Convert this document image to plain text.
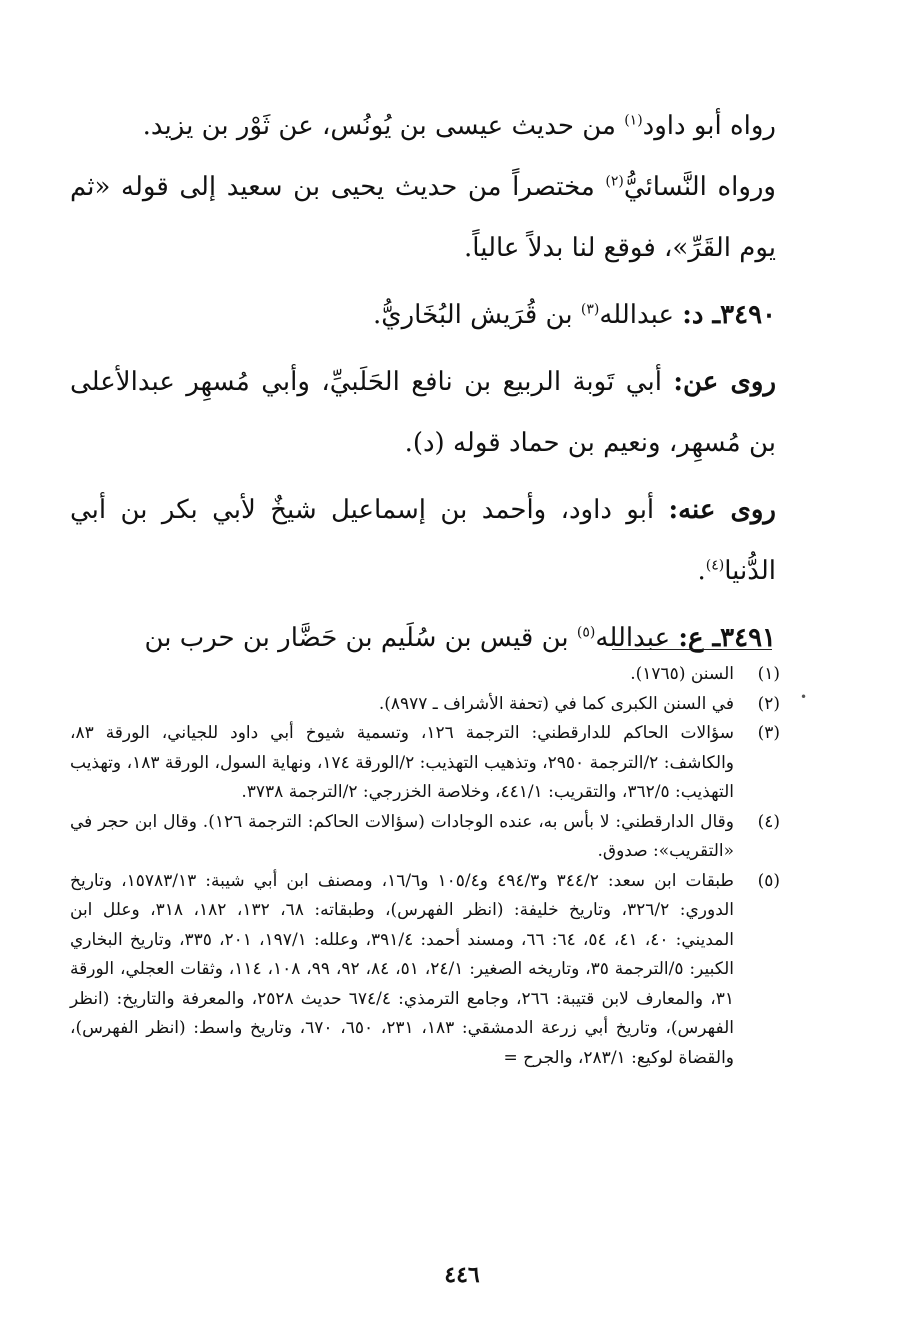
رواه أبو داود$^{(١)}$ من حديث عيسى بن يُونُس، عن ثَوْر بن يزيد.

ورواه النَّسائيُّ$^{(٢)}$ مختصراً من حديث يحيى بن سعيد إلى قوله «ثم يوم القَرِّ»، فوقع لنا بدلاً عالياً.

٣٤٩٠ـ د: عبدالله$^{(٣)}$ بن قُرَيش البُخَاريُّ.

روى عن: أبي تَوبة الربيع بن نافع الحَلَبيِّ، وأبي مُسهِر عبدالأعلى بن مُسهِر، ونعيم بن حماد قوله (د).

روى عنه: أبو داود، وأحمد بن إسماعيل شيخٌ لأبي بكر بن أبي الدُّنيا$^{(٤)}$.

٣٤٩١ـ ع: عبدالله$^{(٥)}$ بن قيس بن سُلَيم بن حَضَّار بن حرب بن

•
(١)
السنن (١٧٦٥).
(٢)
في السنن الكبرى كما في (تحفة الأشراف ـ ٨٩٧٧).
(٣)
سؤالات الحاكم للدارقطني: الترجمة ١٢٦، وتسمية شيوخ أبي داود للجياني، الورقة ٨٣، والكاشف: ٢/الترجمة ٢٩٥٠، وتذهيب التهذيب: ٢/الورقة ١٧٤، ونهاية السول، الورقة ١٨٣، وتهذيب التهذيب: ٣٦٢/٥، والتقريب: ٤٤١/١، وخلاصة الخزرجي: ٢/الترجمة ٣٧٣٨.
(٤)
وقال الدارقطني: لا بأس به، عنده الوجادات (سؤالات الحاكم: الترجمة ١٢٦). وقال ابن حجر في «التقريب»: صدوق.
(٥)
طبقات ابن سعد: ٣٤٤/٢ و٤٩٤/٣ و١٠٥/٤ و١٦/٦، ومصنف ابن أبي شيبة: ١٥٧٨٣/١٣، وتاريخ الدوري: ٣٢٦/٢، وتاريخ خليفة: (انظر الفهرس)، وطبقاته: ٦٨، ١٣٢، ١٨٢، ٣١٨، وعلل ابن المديني: ٤٠، ٤١، ٥٤، ٦٤: ٦٦، ومسند أحمد: ٣٩١/٤، وعلله: ١٩٧/١، ٢٠١، ٣٣٥، وتاريخ البخاري الكبير: ٥/الترجمة ٣٥، وتاريخه الصغير: ٢٤/١، ٥١، ٨٤، ٩٢، ٩٩، ١٠٨، ١١٤، وثقات العجلي، الورقة ٣١، والمعارف لابن قتيبة: ٢٦٦، وجامع الترمذي: ٦٧٤/٤ حديث ٢٥٢٨، والمعرفة والتاريخ: (انظر الفهرس)، وتاريخ أبي زرعة الدمشقي: ١٨٣، ٢٣١، ٦٥٠، ٦٧٠، وتاريخ واسط: (انظر الفهرس)، والقضاة لوكيع: ٢٨٣/١، والجرح =
٤٤٦
